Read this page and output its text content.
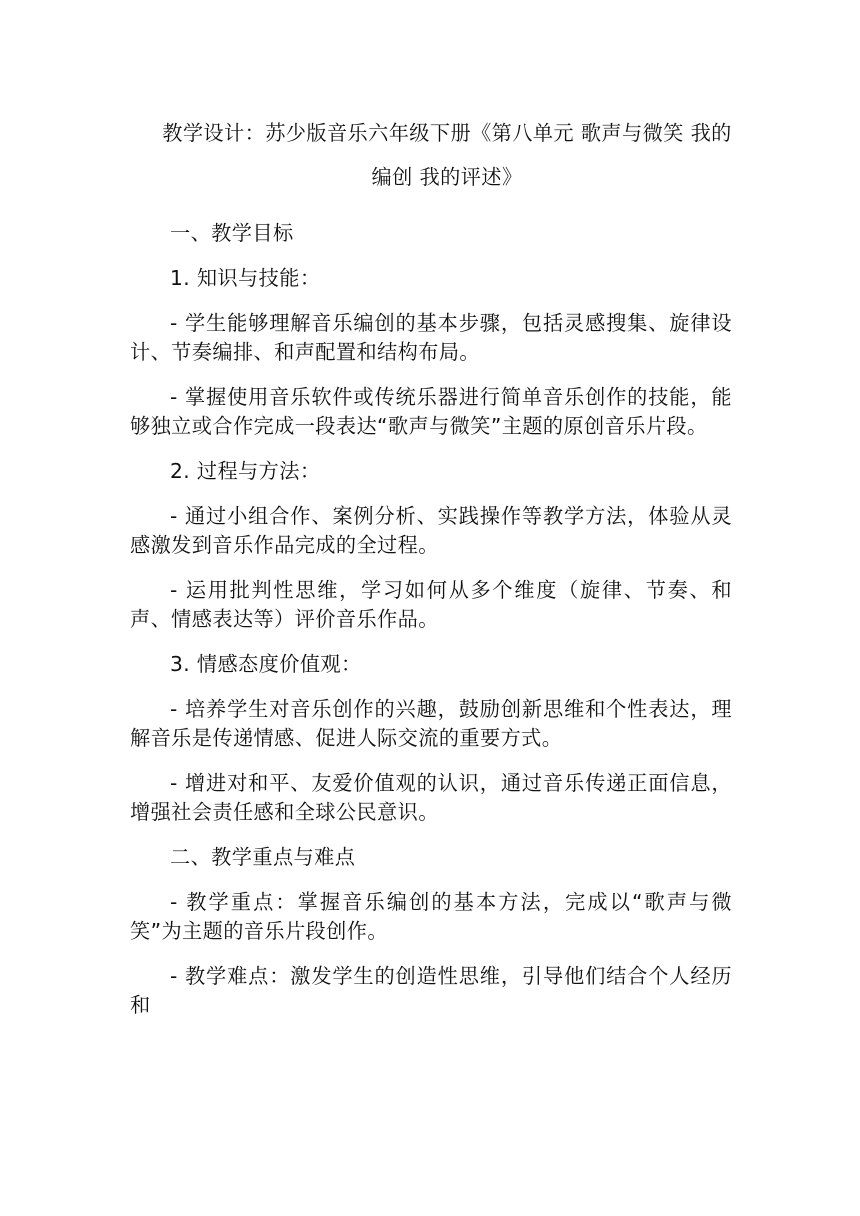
教学设计：苏少版音乐六年级下册《第八单元 歌声与微笑 我的编创 我的评述》

一、教学目标

1. 知识与技能：

- 学生能够理解音乐编创的基本步骤，包括灵感搜集、旋律设计、节奏编排、和声配置和结构布局。

- 掌握使用音乐软件或传统乐器进行简单音乐创作的技能，能够独立或合作完成一段表达“歌声与微笑”主题的原创音乐片段。

2. 过程与方法：

- 通过小组合作、案例分析、实践操作等教学方法，体验从灵感激发到音乐作品完成的全过程。

- 运用批判性思维，学习如何从多个维度（旋律、节奏、和声、情感表达等）评价音乐作品。

3. 情感态度价值观：

- 培养学生对音乐创作的兴趣，鼓励创新思维和个性表达，理解音乐是传递情感、促进人际交流的重要方式。

- 增进对和平、友爱价值观的认识，通过音乐传递正面信息，增强社会责任感和全球公民意识。

二、教学重点与难点

- 教学重点：掌握音乐编创的基本方法，完成以“歌声与微笑”为主题的音乐片段创作。

- 教学难点：激发学生的创造性思维，引导他们结合个人经历和
